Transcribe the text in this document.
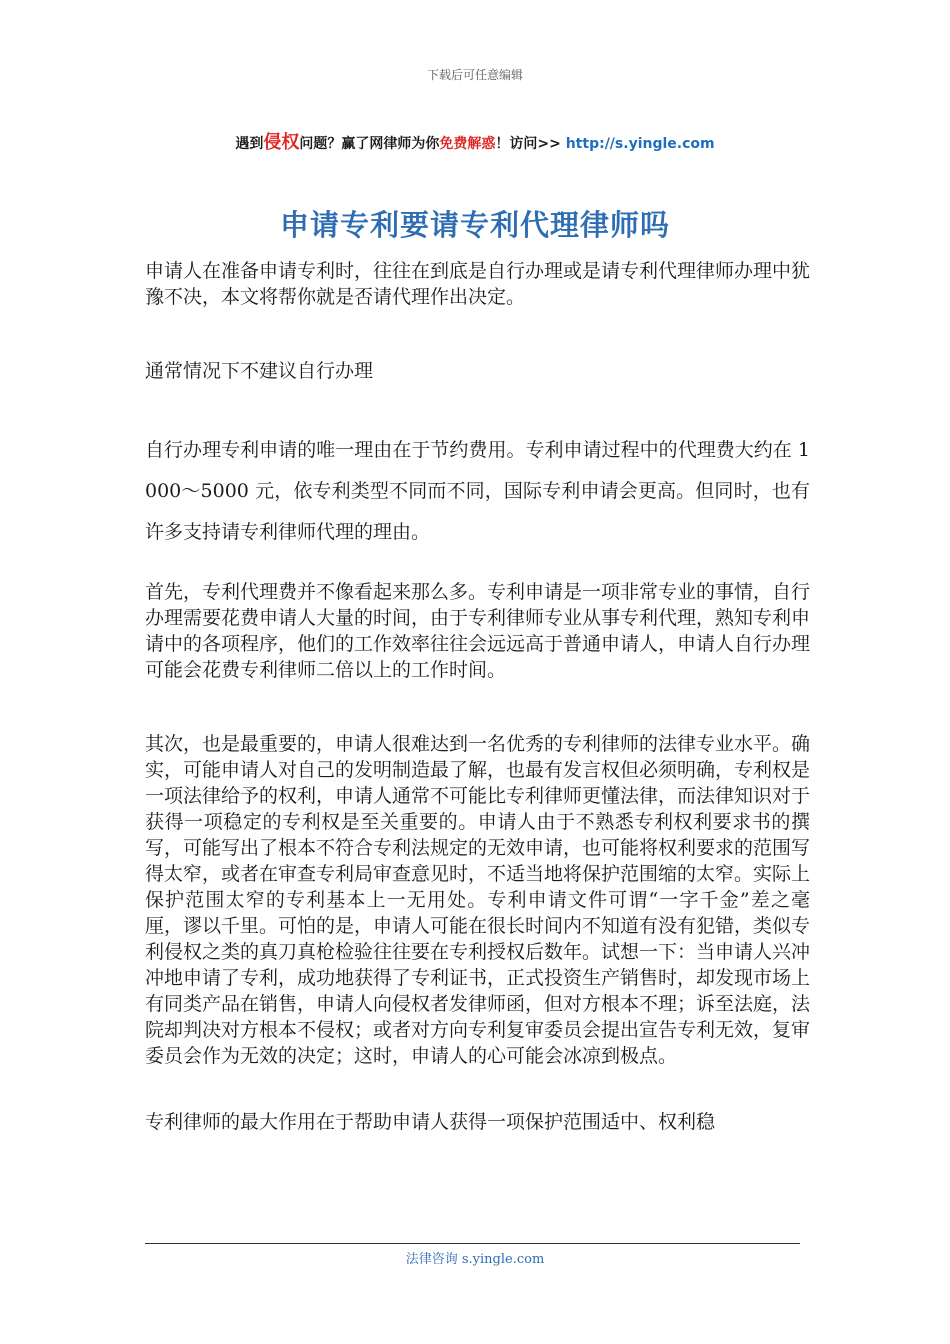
下载后可任意编辑
遇到侵权问题？赢了网律师为你免费解惑！访问>> http://s.yingle.com
申请专利要请专利代理律师吗

申请人在准备申请专利时，往往在到底是自行办理或是请专利代理律师办理中犹豫不决，本文将帮你就是否请代理作出决定。

通常情况下不建议自行办理

自行办理专利申请的唯一理由在于节约费用。专利申请过程中的代理费大约在 1000～5000 元，依专利类型不同而不同，国际专利申请会更高。但同时，也有许多支持请专利律师代理的理由。

首先，专利代理费并不像看起来那么多。专利申请是一项非常专业的事情，自行办理需要花费申请人大量的时间，由于专利律师专业从事专利代理，熟知专利申请中的各项程序，他们的工作效率往往会远远高于普通申请人，申请人自行办理可能会花费专利律师二倍以上的工作时间。

其次，也是最重要的，申请人很难达到一名优秀的专利律师的法律专业水平。确实，可能申请人对自己的发明制造最了解，也最有发言权但必须明确，专利权是一项法律给予的权利，申请人通常不可能比专利律师更懂法律，而法律知识对于获得一项稳定的专利权是至关重要的。申请人由于不熟悉专利权利要求书的撰写，可能写出了根本不符合专利法规定的无效申请，也可能将权利要求的范围写得太窄，或者在审查专利局审查意见时，不适当地将保护范围缩的太窄。实际上保护范围太窄的专利基本上一无用处。专利申请文件可谓“一字千金”差之毫厘，谬以千里。可怕的是，申请人可能在很长时间内不知道有没有犯错，类似专利侵权之类的真刀真枪检验往往要在专利授权后数年。试想一下：当申请人兴冲冲地申请了专利，成功地获得了专利证书，正式投资生产销售时，却发现市场上有同类产品在销售，申请人向侵权者发律师函，但对方根本不理；诉至法庭，法院却判决对方根本不侵权；或者对方向专利复审委员会提出宣告专利无效，复审委员会作为无效的决定；这时，申请人的心可能会冰凉到极点。

专利律师的最大作用在于帮助申请人获得一项保护范围适中、权利稳

法律咨询 s.yingle.com
